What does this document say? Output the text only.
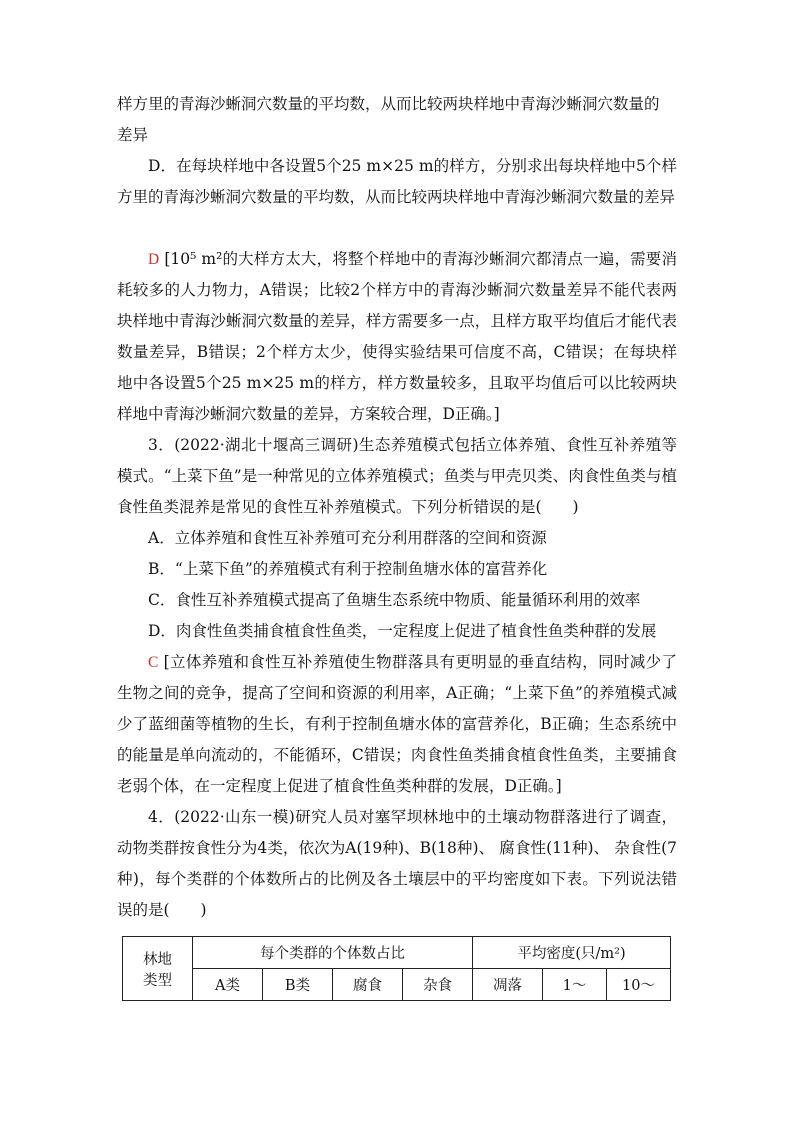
样方里的青海沙蜥洞穴数量的平均数，从而比较两块样地中青海沙蜥洞穴数量的
差异

D．在每块样地中各设置5个25 m×25 m的样方，分别求出每块样地中5个样方里的青海沙蜥洞穴数量的平均数，从而比较两块样地中青海沙蜥洞穴数量的差异

D [10⁵ m²的大样方太大，将整个样地中的青海沙蜥洞穴都清点一遍，需要消耗较多的人力物力，A错误；比较2个样方中的青海沙蜥洞穴数量差异不能代表两块样地中青海沙蜥洞穴数量的差异，样方需要多一点，且样方取平均值后才能代表数量差异，B错误；2个样方太少，使得实验结果可信度不高，C错误；在每块样地中各设置5个25 m×25 m的样方，样方数量较多，且取平均值后可以比较两块样地中青海沙蜥洞穴数量的差异，方案较合理，D正确。]

3．(2022·湖北十堰高三调研)生态养殖模式包括立体养殖、食性互补养殖等模式。“上菜下鱼”是一种常见的立体养殖模式；鱼类与甲壳贝类、肉食性鱼类与植食性鱼类混养是常见的食性互补养殖模式。下列分析错误的是(　　)

A．立体养殖和食性互补养殖可充分利用群落的空间和资源

B．“上菜下鱼”的养殖模式有利于控制鱼塘水体的富营养化

C．食性互补养殖模式提高了鱼塘生态系统中物质、能量循环利用的效率

D．肉食性鱼类捕食植食性鱼类，一定程度上促进了植食性鱼类种群的发展

C [立体养殖和食性互补养殖使生物群落具有更明显的垂直结构，同时减少了生物之间的竞争，提高了空间和资源的利用率，A正确；“上菜下鱼”的养殖模式减少了蓝细菌等植物的生长，有利于控制鱼塘水体的富营养化，B正确；生态系统中的能量是单向流动的，不能循环，C错误；肉食性鱼类捕食植食性鱼类，主要捕食老弱个体，在一定程度上促进了植食性鱼类种群的发展，D正确。]

4．(2022·山东一模)研究人员对塞罕坝林地中的土壤动物群落进行了调查，动物类群按食性分为4类，依次为A(19种)、B(18种)、 腐食性(11种)、 杂食性(7种)，每个类群的个体数所占的比例及各土壤层中的平均密度如下表。下列说法错误的是(　　)

林地
类型	每个类群的个体数占比				平均密度(只/m²)		
	A类	B类	腐食	杂食	凋落	1～	10～
